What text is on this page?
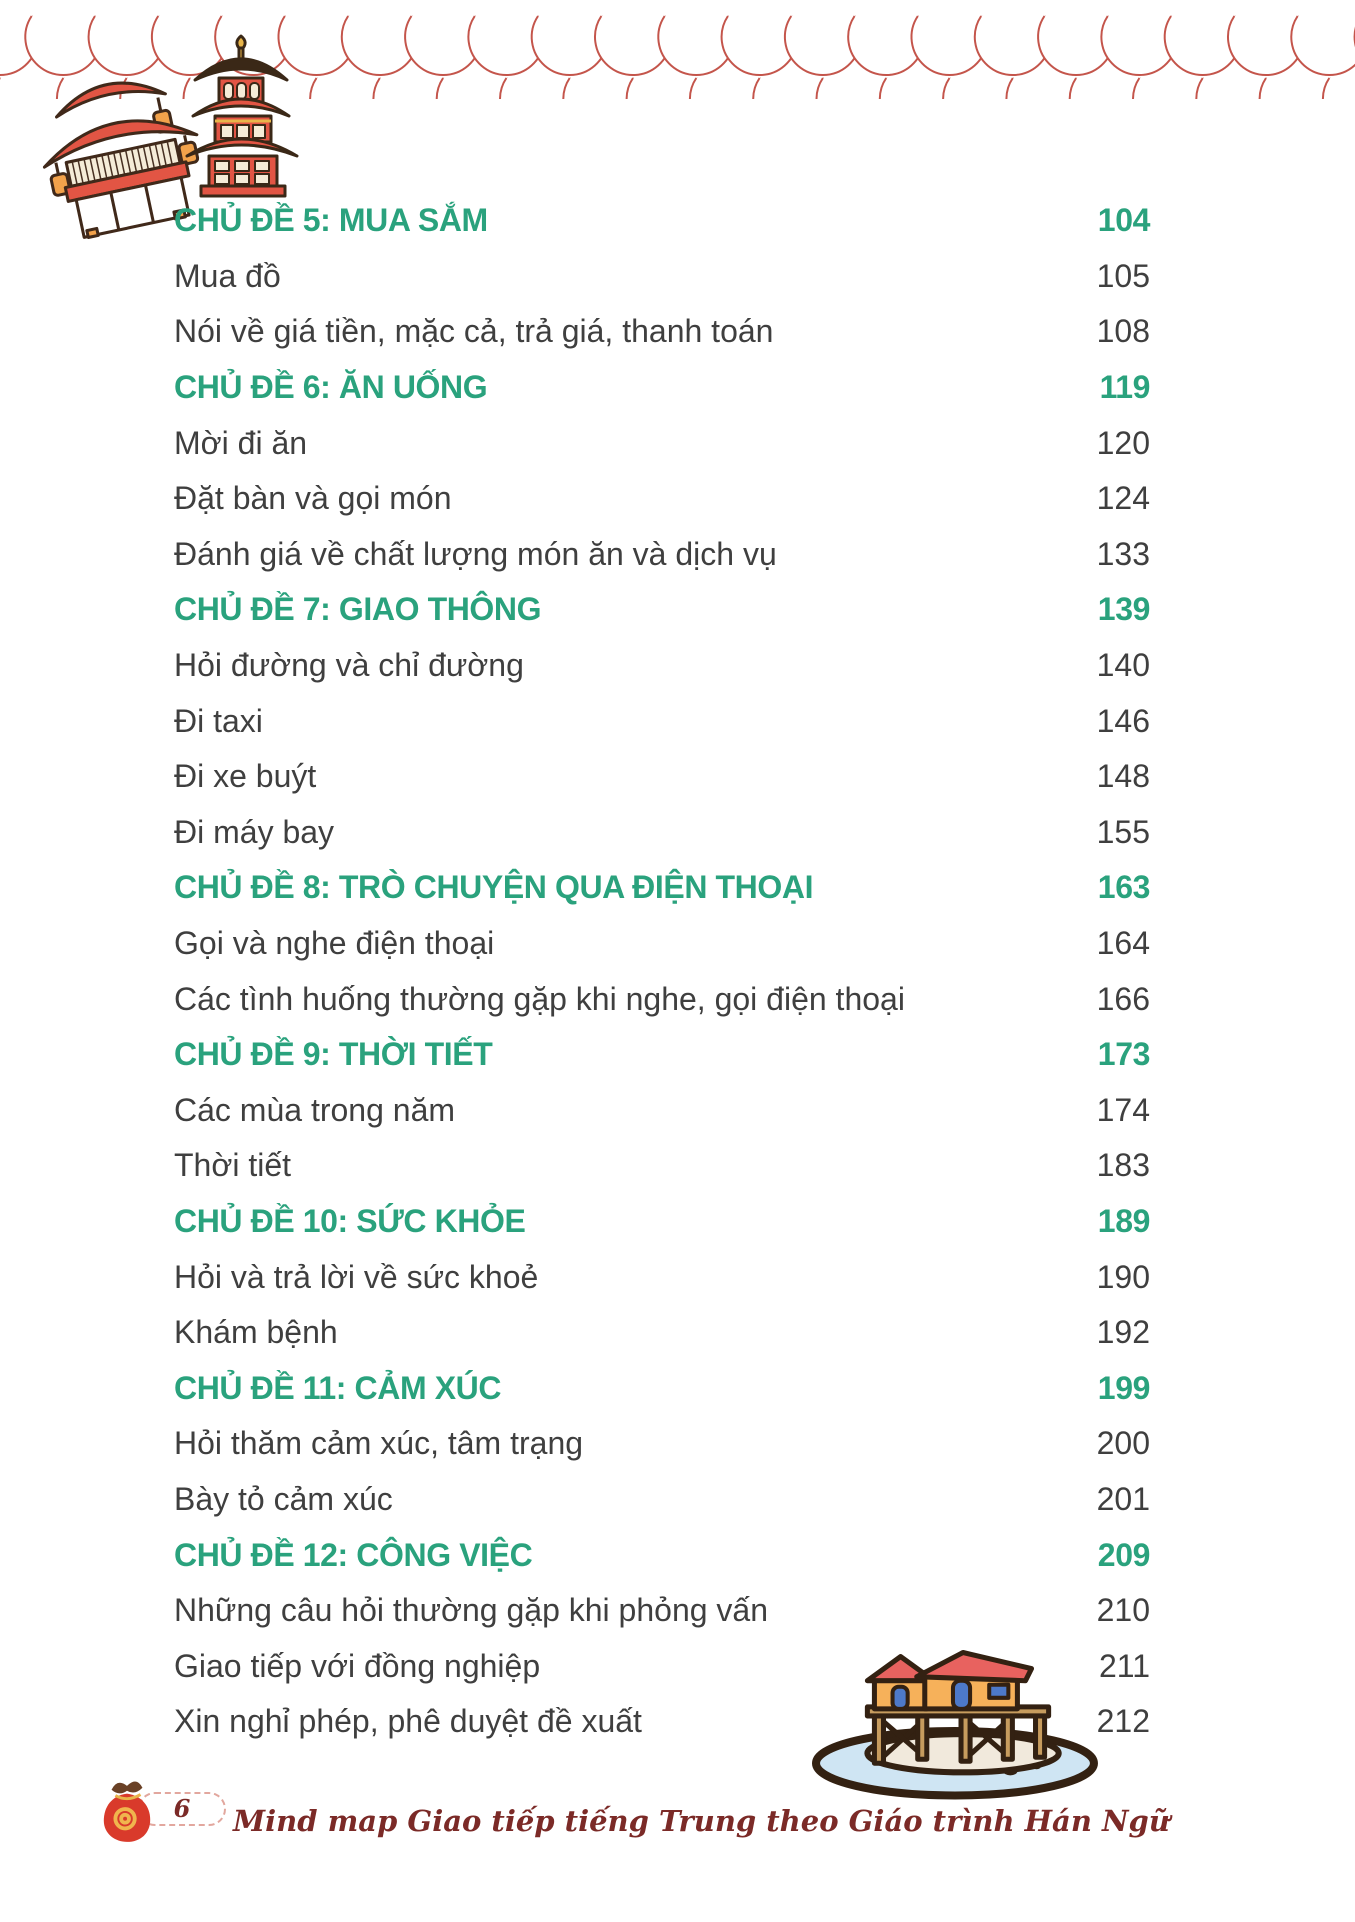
CHỦ ĐỀ 5: MUA SẮM	104
Mua đồ	105
Nói về giá tiền, mặc cả, trả giá, thanh toán	108
CHỦ ĐỀ 6: ĂN UỐNG	119
Mời đi ăn	120
Đặt bàn và gọi món	124
Đánh giá về chất lượng món ăn và dịch vụ	133
CHỦ ĐỀ 7: GIAO THÔNG	139
Hỏi đường và chỉ đường	140
Đi taxi	146
Đi xe buýt	148
Đi máy bay	155
CHỦ ĐỀ 8: TRÒ CHUYỆN QUA ĐIỆN THOẠI	163
Gọi và nghe điện thoại	164
Các tình huống thường gặp khi nghe, gọi điện thoại	166
CHỦ ĐỀ 9: THỜI TIẾT	173
Các mùa trong năm	174
Thời tiết	183
CHỦ ĐỀ 10: SỨC KHỎE	189
Hỏi và trả lời về sức khoẻ	190
Khám bệnh	192
CHỦ ĐỀ 11: CẢM XÚC	199
Hỏi thăm cảm xúc, tâm trạng	200
Bày tỏ cảm xúc	201
CHỦ ĐỀ 12: CÔNG VIỆC	209
Những câu hỏi thường gặp khi phỏng vấn	210
Giao tiếp với đồng nghiệp	211
Xin nghỉ phép, phê duyệt đề xuất	212
6 Mind map Giao tiếp tiếng Trung theo Giáo trình Hán Ngữ
